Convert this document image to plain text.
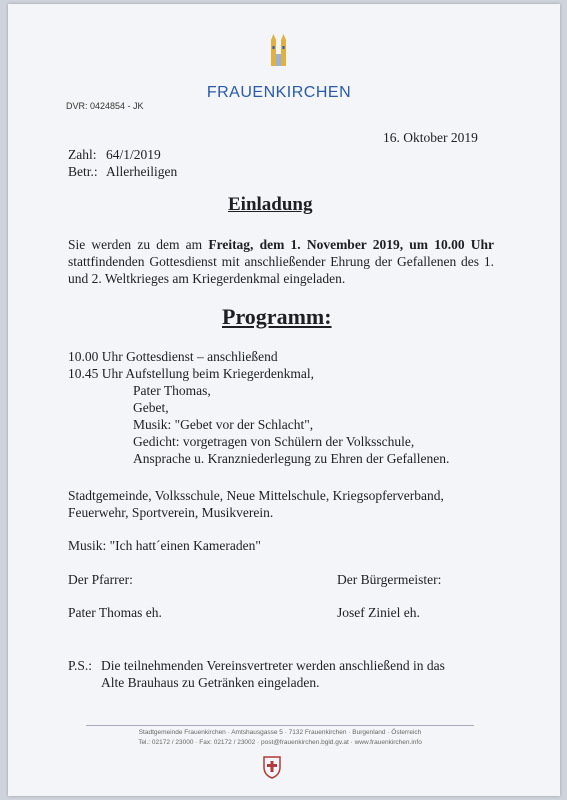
FRAUENKIRCHEN
DVR: 0424854 - JK
16. Oktober 2019
Zahl: 64/1/2019
Betr.: Allerheiligen
Einladung
Sie werden zu dem am Freitag, dem 1. November 2019, um 10.00 Uhr stattfindenden Gottesdienst mit anschließender Ehrung der Gefallenen des 1. und 2. Weltkrieges am Kriegerdenkmal eingeladen.
Programm:
10.00 Uhr Gottesdienst – anschließend
10.45 Uhr Aufstellung beim Kriegerdenkmal,
Pater Thomas,
Gebet,
Musik: "Gebet vor der Schlacht",
Gedicht: vorgetragen von Schülern der Volksschule,
Ansprache u. Kranzniederlegung zu Ehren der Gefallenen.
Stadtgemeinde, Volksschule, Neue Mittelschule, Kriegsopferverband,
Feuerwehr, Sportverein, Musikverein.
Musik: "Ich hatt´einen Kameraden"
Der Pfarrer:	Der Bürgermeister:
Pater Thomas eh.	Josef Ziniel eh.
P.S.: Die teilnehmenden Vereinsvertreter werden anschließend in das
Alte Brauhaus zu Getränken eingeladen.
Stadtgemeinde Frauenkirchen · Amtshausgasse 5 · 7132 Frauenkirchen · Burgenland · Österreich
Tel.: 02172 / 23000 · Fax: 02172 / 23002 · post@frauenkirchen.bgld.gv.at · www.frauenkirchen.info
